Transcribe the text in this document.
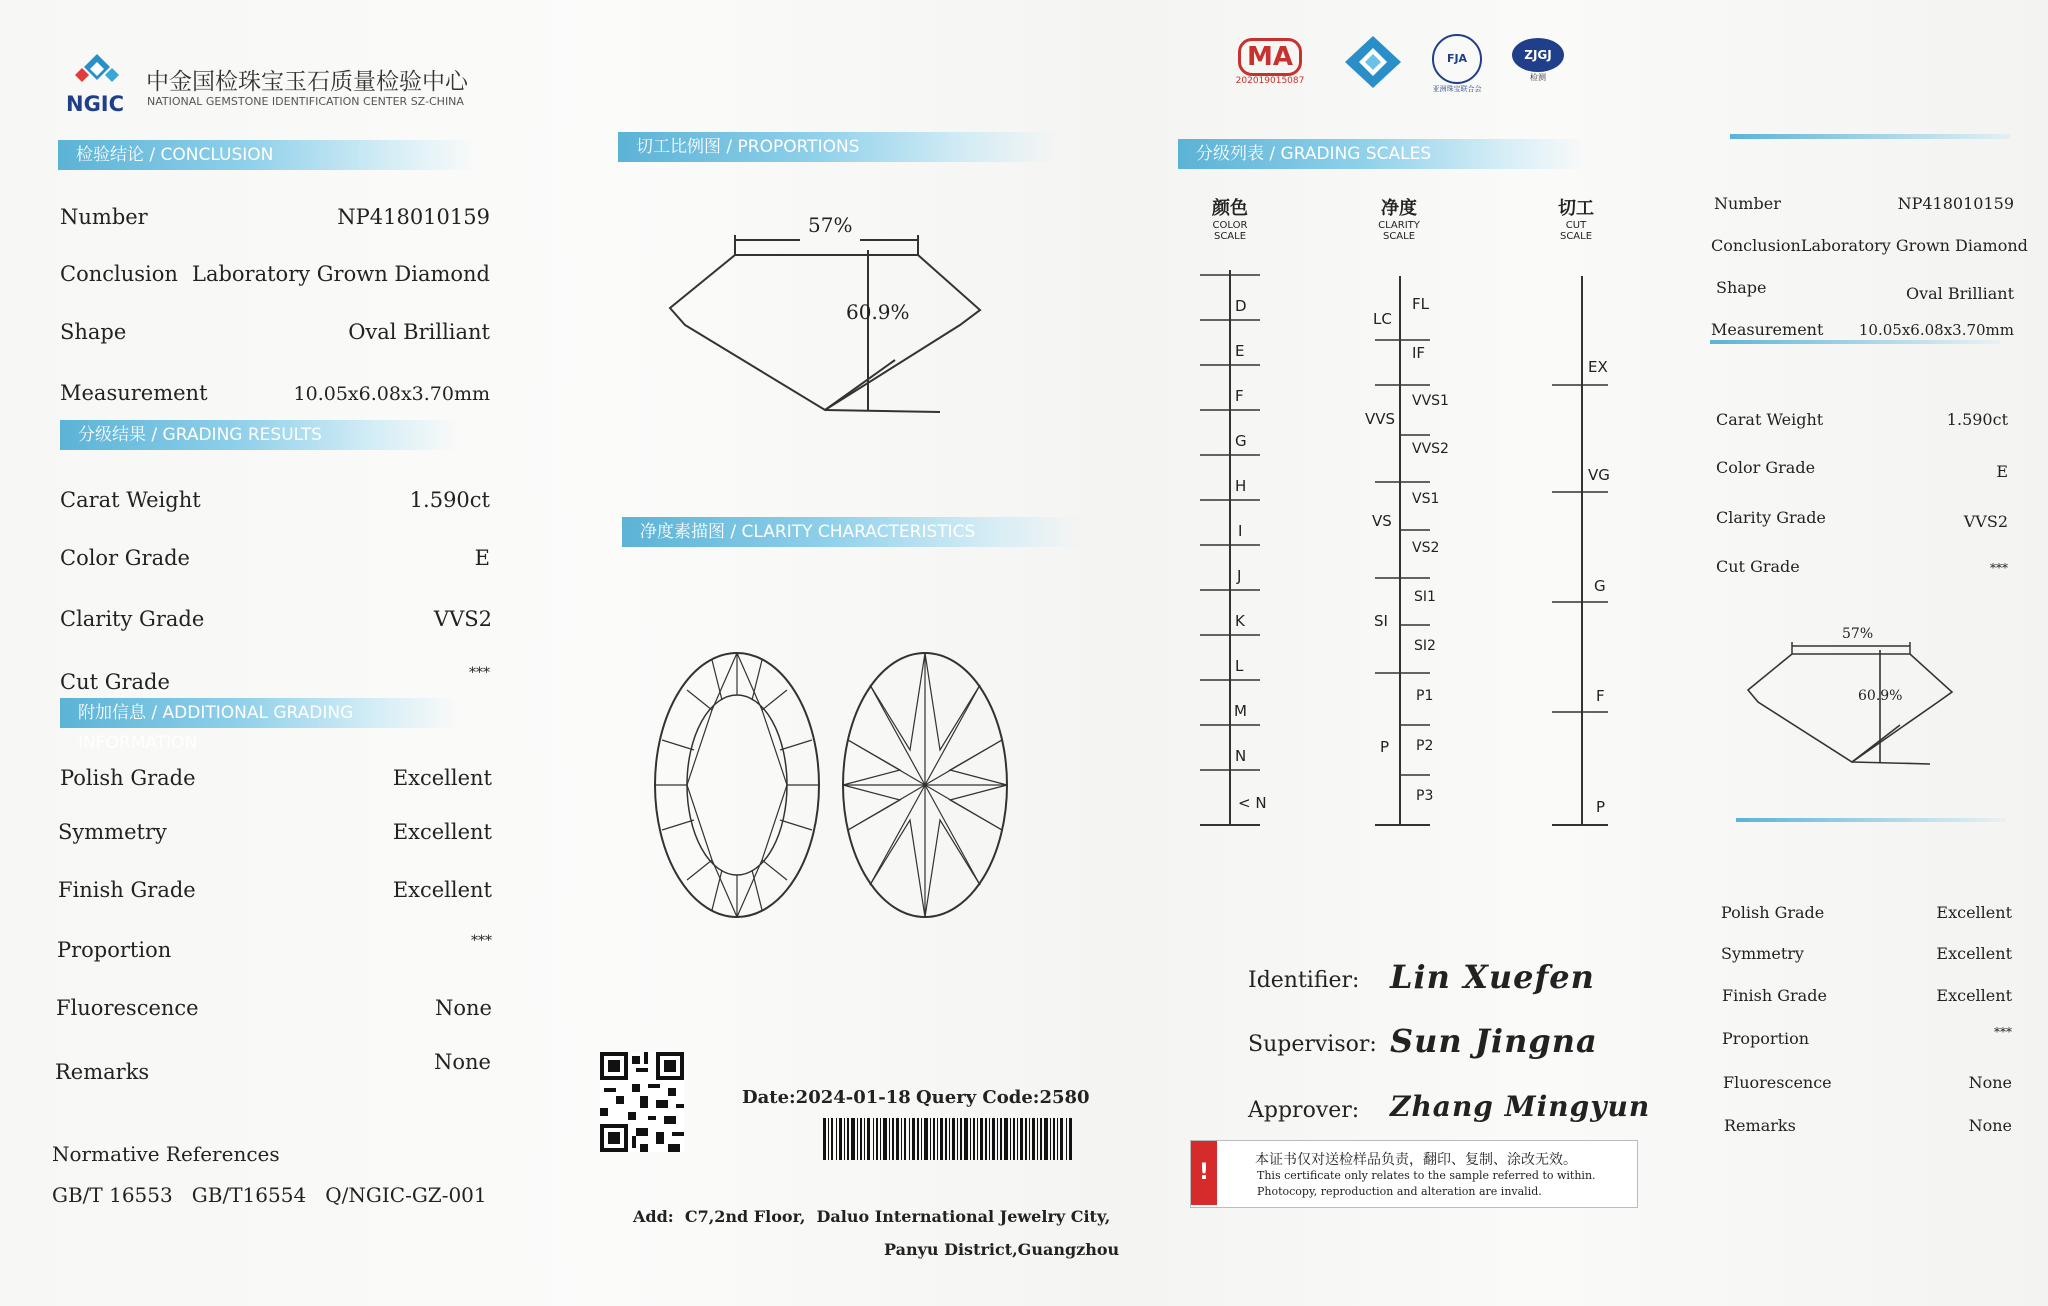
NGIC
中金国检珠宝玉石质量检验中心
NATIONAL GEMSTONE IDENTIFICATION CENTER SZ-CHINA
检验结论 / CONCLUSION
Number	NP418010159
Conclusion Laboratory Grown Diamond
Shape	Oval Brilliant
Measurement	10.05x6.08x3.70mm
分级结果 / GRADING RESULTS
Carat Weight	1.590ct
Color Grade	E
Clarity Grade	VVS2
Cut Grade	***
附加信息 / ADDITIONAL GRADING INFORMATION
Polish Grade	Excellent
Symmetry	Excellent
Finish Grade	Excellent
Proportion	***
Fluorescence	None
Remarks	None
Normative References
GB/T 16553   GB/T16554   Q/NGIC-GZ-001
切工比例图 / PROPORTIONS
57%
60.9%
净度素描图 / CLARITY CHARACTERISTICS
Date:2024-01-18 Query Code:2580
Add:  C7,2nd Floor,  Daluo International Jewelry City,
Panyu District,Guangzhou
MA
202019015087
FJA
亚洲珠宝联合会
ZJGJ
检测
分级列表 / GRADING SCALES
颜色
COLOR
SCALE
净度
CLARITY
SCALE
切工
CUT
SCALE
D
E
F
G
H
I
J
K
L
M
N
< N
LC
VVS
VS
SI
P
FL
IF
VVS1
VVS2
VS1
VS2
SI1
SI2
P1
P2
P3
EX
VG
G
F
P
Identifier: Lin Xuefen
Supervisor: Sun Jingna
Approver: Zhang Mingyun
!	本证书仅对送检样品负责，翻印、复制、涂改无效。
This certificate only relates to the sample referred to within.
Photocopy, reproduction and alteration are invalid.
Number	NP418010159
Conclusion Laboratory Grown Diamond
Shape	Oval Brilliant
Measurement 10.05x6.08x3.70mm
Carat Weight	1.590ct
Color Grade	E
Clarity Grade	VVS2
Cut Grade	***
57%
60.9%
Polish Grade	Excellent
Symmetry	Excellent
Finish Grade	Excellent
Proportion	***
Fluorescence	None
Remarks	None
